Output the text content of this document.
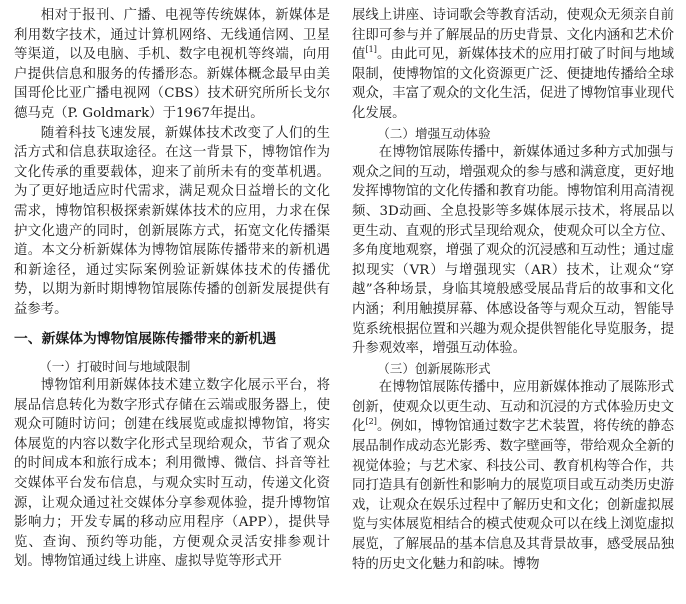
相对于报刊、广播、电视等传统媒体，新媒体是利用数字技术，通过计算机网络、无线通信网、卫星等渠道，以及电脑、手机、数字电视机等终端，向用户提供信息和服务的传播形态。新媒体概念最早由美国哥伦比亚广播电视网（CBS）技术研究所所长戈尔德马克（P. Goldmark）于1967年提出。

随着科技飞速发展，新媒体技术改变了人们的生活方式和信息获取途径。在这一背景下，博物馆作为文化传承的重要载体，迎来了前所未有的变革机遇。为了更好地适应时代需求，满足观众日益增长的文化需求，博物馆积极探索新媒体技术的应用，力求在保护文化遗产的同时，创新展陈方式，拓宽文化传播渠道。本文分析新媒体为博物馆展陈传播带来的新机遇和新途径，通过实际案例验证新媒体技术的传播优势，以期为新时期博物馆展陈传播的创新发展提供有益参考。

一、新媒体为博物馆展陈传播带来的新机遇
（一）打破时间与地域限制

博物馆利用新媒体技术建立数字化展示平台，将展品信息转化为数字形式存储在云端或服务器上，使观众可随时访问；创建在线展览或虚拟博物馆，将实体展览的内容以数字化形式呈现给观众，节省了观众的时间成本和旅行成本；利用微博、微信、抖音等社交媒体平台发布信息，与观众实时互动，传递文化资源，让观众通过社交媒体分享参观体验，提升博物馆影响力；开发专属的移动应用程序（APP），提供导览、查询、预约等功能，方便观众灵活安排参观计划。博物馆通过线上讲座、虚拟导览等形式开

展线上讲座、诗词歌会等教育活动，使观众无须亲自前往即可参与并了解展品的历史背景、文化内涵和艺术价值[1]。由此可见，新媒体技术的应用打破了时间与地域限制，使博物馆的文化资源更广泛、便捷地传播给全球观众，丰富了观众的文化生活，促进了博物馆事业现代化发展。

（二）增强互动体验

在博物馆展陈传播中，新媒体通过多种方式加强与观众之间的互动，增强观众的参与感和满意度，更好地发挥博物馆的文化传播和教育功能。博物馆利用高清视频、3D动画、全息投影等多媒体展示技术，将展品以更生动、直观的形式呈现给观众，使观众可以全方位、多角度地观察，增强了观众的沉浸感和互动性；通过虚拟现实（VR）与增强现实（AR）技术，让观众“穿越”各种场景，身临其境般感受展品背后的故事和文化内涵；利用触摸屏幕、体感设备等与观众互动，智能导览系统根据位置和兴趣为观众提供智能化导览服务，提升参观效率，增强互动体验。

（三）创新展陈形式

在博物馆展陈传播中，应用新媒体推动了展陈形式创新，使观众以更生动、互动和沉浸的方式体验历史文化[2]。例如，博物馆通过数字艺术装置，将传统的静态展品制作成动态光影秀、数字壁画等，带给观众全新的视觉体验；与艺术家、科技公司、教育机构等合作，共同打造具有创新性和影响力的展览项目或互动类历史游戏，让观众在娱乐过程中了解历史和文化；创新虚拟展览与实体展览相结合的模式使观众可以在线上浏览虚拟展览，了解展品的基本信息及其背景故事，感受展品独特的历史文化魅力和韵味。博物
